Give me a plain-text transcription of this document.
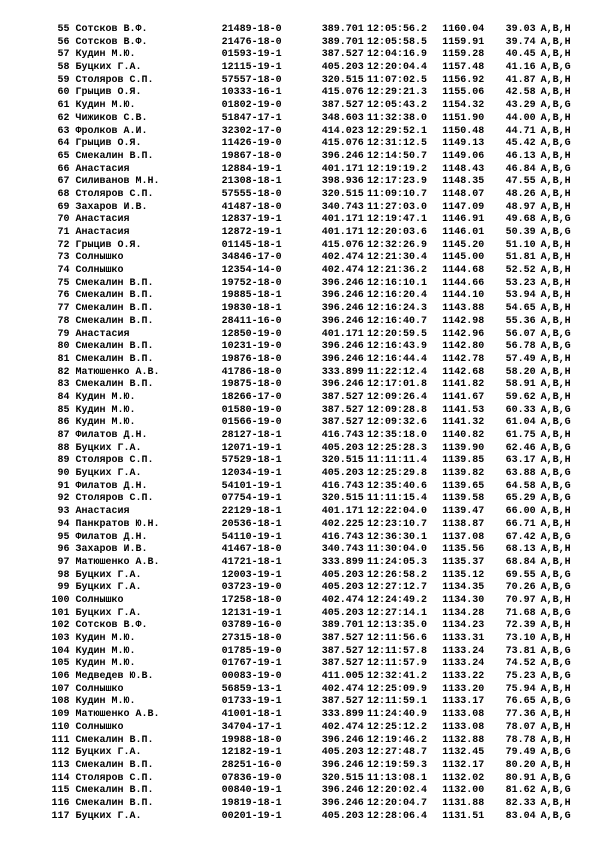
55 Сотсков В.Ф.	21489-18-0	389.701 12:05:56.2	1160.04	39.03 A,B,H
56 Сотсков В.Ф.	21476-18-0	389.701 12:05:58.5	1159.91	39.74 A,B,H
57 Кудин М.Ю.	01593-19-1	387.527 12:04:16.9	1159.28	40.45 A,B,H
58 Буцких Г.А.	12115-19-1	405.203 12:20:04.4	1157.48	41.16 A,B,G
59 Столяров С.П.	57557-18-0	320.515 11:07:02.5	1156.92	41.87 A,B,H
60 Грыцив О.Я.	10333-16-1	415.076 12:29:21.3	1155.06	42.58 A,B,H
61 Кудин М.Ю.	01802-19-0	387.527 12:05:43.2	1154.32	43.29 A,B,G
62 Чижиков С.В.	51847-17-1	348.603 11:32:38.0	1151.90	44.00 A,B,H
63 Фролков А.И.	32302-17-0	414.023 12:29:52.1	1150.48	44.71 A,B,H
64 Грыцив О.Я.	11426-19-0	415.076 12:31:12.5	1149.13	45.42 A,B,G
65 Смекалин В.П.	19867-18-0	396.246 12:14:50.7	1149.06	46.13 A,B,H
66 Анастасия	12884-19-1	401.171 12:19:19.2	1148.43	46.84 A,B,G
67 Силиванов М.Н.	21308-18-1	398.936 12:17:23.9	1148.35	47.55 A,B,H
68 Столяров С.П.	57555-18-0	320.515 11:09:10.7	1148.07	48.26 A,B,H
69 Захаров И.В.	41487-18-0	340.743 11:27:03.0	1147.09	48.97 A,B,H
70 Анастасия	12837-19-1	401.171 12:19:47.1	1146.91	49.68 A,B,G
71 Анастасия	12872-19-1	401.171 12:20:03.6	1146.01	50.39 A,B,G
72 Грыцив О.Я.	01145-18-1	415.076 12:32:26.9	1145.20	51.10 A,B,H
73 Солнышко	34846-17-0	402.474 12:21:30.4	1145.00	51.81 A,B,H
74 Солнышко	12354-14-0	402.474 12:21:36.2	1144.68	52.52 A,B,H
75 Смекалин В.П.	19752-18-0	396.246 12:16:10.1	1144.66	53.23 A,B,H
76 Смекалин В.П.	19885-18-1	396.246 12:16:20.4	1144.10	53.94 A,B,H
77 Смекалин В.П.	19830-18-1	396.246 12:16:24.3	1143.88	54.65 A,B,H
78 Смекалин В.П.	28411-16-0	396.246 12:16:40.7	1142.98	55.36 A,B,H
79 Анастасия	12850-19-0	401.171 12:20:59.5	1142.96	56.07 A,B,G
80 Смекалин В.П.	10231-19-0	396.246 12:16:43.9	1142.80	56.78 A,B,G
81 Смекалин В.П.	19876-18-0	396.246 12:16:44.4	1142.78	57.49 A,B,H
82 Матюшенко А.В.	41786-18-0	333.899 11:22:12.4	1142.68	58.20 A,B,H
83 Смекалин В.П.	19875-18-0	396.246 12:17:01.8	1141.82	58.91 A,B,H
84 Кудин М.Ю.	18266-17-0	387.527 12:09:26.4	1141.67	59.62 A,B,H
85 Кудин М.Ю.	01580-19-0	387.527 12:09:28.8	1141.53	60.33 A,B,G
86 Кудин М.Ю.	01566-19-0	387.527 12:09:32.6	1141.32	61.04 A,B,G
87 Филатов Д.Н.	28127-18-1	416.743 12:35:18.0	1140.82	61.75 A,B,H
88 Буцких Г.А.	12071-19-1	405.203 12:25:28.3	1139.90	62.46 A,B,G
89 Столяров С.П.	57529-18-1	320.515 11:11:11.4	1139.85	63.17 A,B,H
90 Буцких Г.А.	12034-19-1	405.203 12:25:29.8	1139.82	63.88 A,B,G
91 Филатов Д.Н.	54101-19-1	416.743 12:35:40.6	1139.65	64.58 A,B,G
92 Столяров С.П.	07754-19-1	320.515 11:11:15.4	1139.58	65.29 A,B,G
93 Анастасия	22129-18-1	401.171 12:22:04.0	1139.47	66.00 A,B,H
94 Панкратов Ю.Н.	20536-18-1	402.225 12:23:10.7	1138.87	66.71 A,B,H
95 Филатов Д.Н.	54110-19-1	416.743 12:36:30.1	1137.08	67.42 A,B,G
96 Захаров И.В.	41467-18-0	340.743 11:30:04.0	1135.56	68.13 A,B,H
97 Матюшенко А.В.	41721-18-1	333.899 11:24:05.3	1135.37	68.84 A,B,H
98 Буцких Г.А.	12003-19-1	405.203 12:26:58.2	1135.12	69.55 A,B,G
99 Буцких Г.А.	03723-19-0	405.203 12:27:12.7	1134.35	70.26 A,B,G
100 Солнышко	17258-18-0	402.474 12:24:49.2	1134.30	70.97 A,B,H
101 Буцких Г.А.	12131-19-1	405.203 12:27:14.1	1134.28	71.68 A,B,G
102 Сотсков В.Ф.	03789-16-0	389.701 12:13:35.0	1134.23	72.39 A,B,H
103 Кудин М.Ю.	27315-18-0	387.527 12:11:56.6	1133.31	73.10 A,B,H
104 Кудин М.Ю.	01785-19-0	387.527 12:11:57.8	1133.24	73.81 A,B,G
105 Кудин М.Ю.	01767-19-1	387.527 12:11:57.9	1133.24	74.52 A,B,G
106 Медведев Ю.В.	00083-19-0	411.005 12:32:41.2	1133.22	75.23 A,B,G
107 Солнышко	56859-13-1	402.474 12:25:09.9	1133.20	75.94 A,B,H
108 Кудин М.Ю.	01733-19-1	387.527 12:11:59.1	1133.17	76.65 A,B,G
109 Матюшенко А.В.	41001-18-1	333.899 11:24:40.9	1133.08	77.36 A,B,H
110 Солнышко	34704-17-1	402.474 12:25:12.2	1133.08	78.07 A,B,H
111 Смекалин В.П.	19988-18-0	396.246 12:19:46.2	1132.88	78.78 A,B,H
112 Буцких Г.А.	12182-19-1	405.203 12:27:48.7	1132.45	79.49 A,B,G
113 Смекалин В.П.	28251-16-0	396.246 12:19:59.3	1132.17	80.20 A,B,H
114 Столяров С.П.	07836-19-0	320.515 11:13:08.1	1132.02	80.91 A,B,G
115 Смекалин В.П.	00840-19-1	396.246 12:20:02.4	1132.00	81.62 A,B,G
116 Смекалин В.П.	19819-18-1	396.246 12:20:04.7	1131.88	82.33 A,B,H
117 Буцких Г.А.	00201-19-1	405.203 12:28:06.4	1131.51	83.04 A,B,G
